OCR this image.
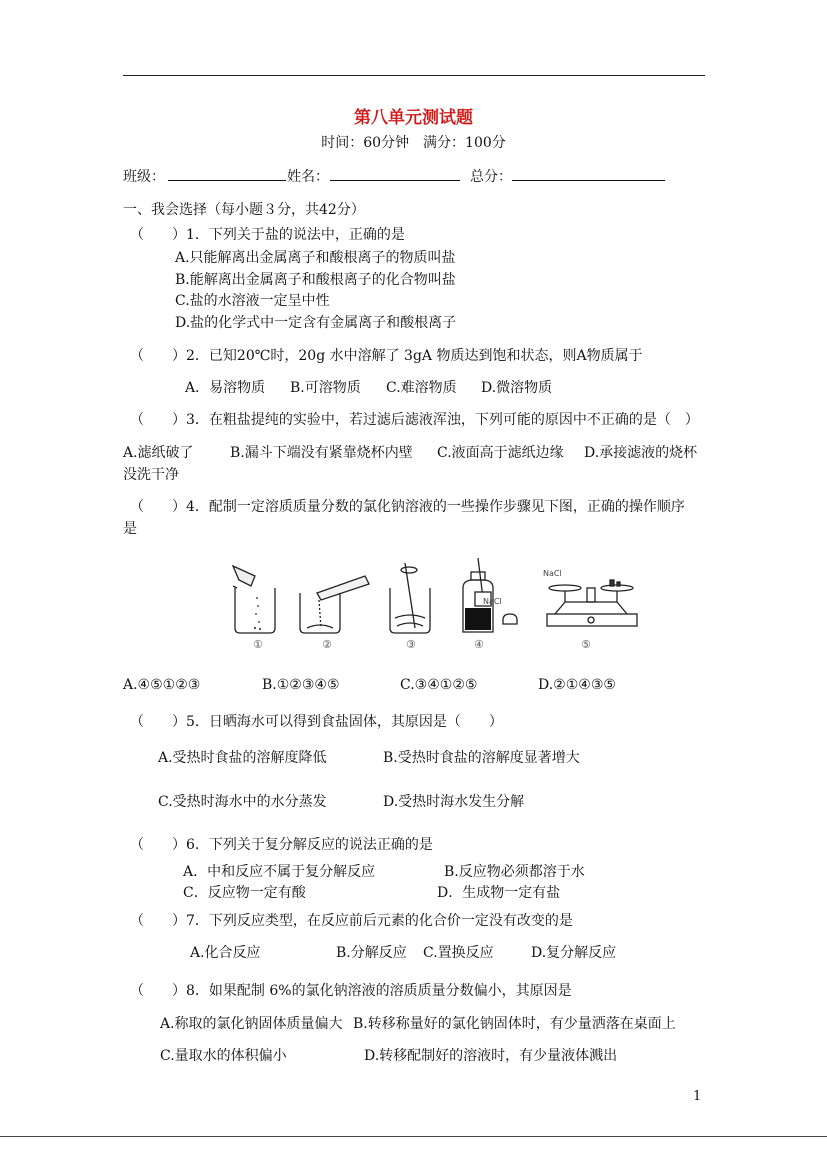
第八单元测试题
时间：60分钟　满分：100分
班级：	姓名：	总分：
一、我会选择（每小题３分，共42分）
（　　）1．下列关于盐的说法中，正确的是
A.只能解离出金属离子和酸根离子的物质叫盐
B.能解离出金属离子和酸根离子的化合物叫盐
C.盐的水溶液一定呈中性
D.盐的化学式中一定含有金属离子和酸根离子
（　　）2．已知20℃时，20g 水中溶解了 3gA 物质达到饱和状态，则A物质属于
A．易溶物质 B.可溶物质 C.难溶物质 D.微溶物质
（　　）3．在粗盐提纯的实验中，若过滤后滤液浑浊，下列可能的原因中不正确的是（　）
A.滤纸破了	B.漏斗下端没有紧靠烧杯内壁 C.液面高于滤纸边缘 D.承接滤液的烧杯
没洗干净
（　　）4．配制一定溶质质量分数的氯化钠溶液的一些操作步骤见下图，正确的操作顺序
是
NaCl
NaCl
①	②	③	④	⑤
A.④⑤①②③	B.①②③④⑤	C.③④①②⑤	D.②①④③⑤
（　　）5．日晒海水可以得到食盐固体，其原因是（　　）
A.受热时食盐的溶解度降低	B.受热时食盐的溶解度显著增大
C.受热时海水中的水分蒸发	D.受热时海水发生分解
（　　）6．下列关于复分解反应的说法正确的是
A．中和反应不属于复分解反应	B.反应物必须都溶于水
C．反应物一定有酸	D．生成物一定有盐
（　　）7．下列反应类型，在反应前后元素的化合价一定没有改变的是
A.化合反应	B.分解反应 C.置换反应	D.复分解反应
（　　）8．如果配制 6%的氯化钠溶液的溶质质量分数偏小，其原因是
A.称取的氯化钠固体质量偏大 B.转移称量好的氯化钠固体时，有少量洒落在桌面上
C.量取水的体积偏小	D.转移配制好的溶液时，有少量液体溅出
1
